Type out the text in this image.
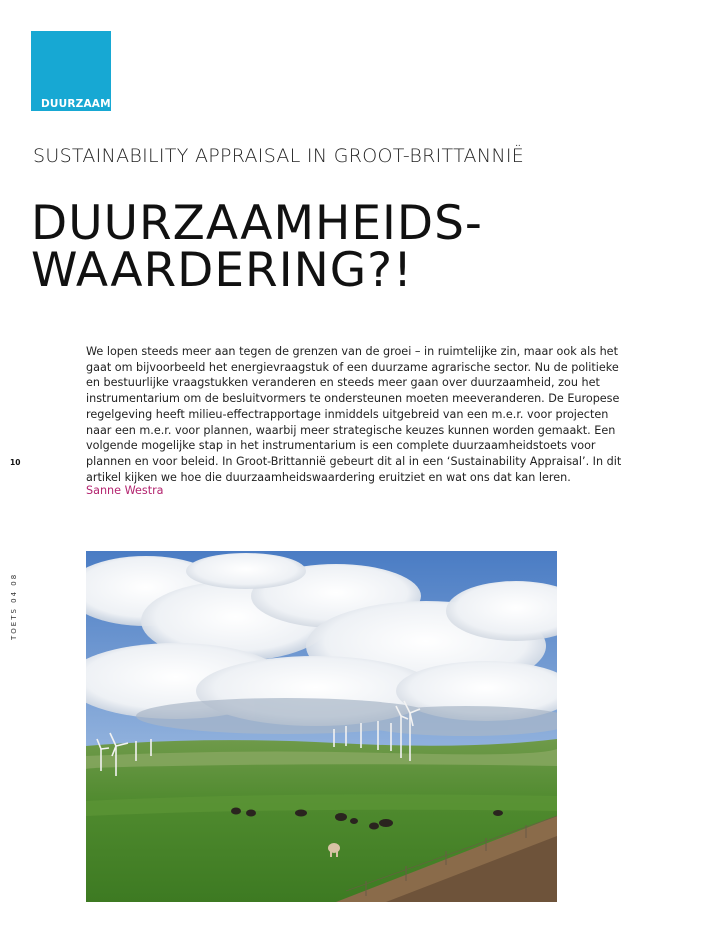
DUURZAAM
SUSTAINABILITY APPRAISAL IN GROOT-BRITTANNIË
DUURZAAMHEIDS-
WAARDERING?!
10
TOETS 04 08

We lopen steeds meer aan tegen de grenzen van de groei – in ruimtelijke zin, maar ook als het gaat om bijvoorbeeld het energievraagstuk of een duurzame agrarische sector. Nu de politieke en bestuurlijke vraagstukken veranderen en steeds meer gaan over duurzaamheid, zou het instrumentarium om de besluitvormers te ondersteunen moeten meeveranderen. De Europese regelgeving heeft milieu-effectrapportage inmiddels uitgebreid van een m.e.r. voor projecten naar een m.e.r. voor plannen, waarbij meer strategische keuzes kunnen worden gemaakt. Een volgende mogelijke stap in het instrumentarium is een complete duurzaamheidstoets voor plannen en voor beleid. In Groot-Brittannië gebeurt dit al in een ‘Sustainability Appraisal’. In dit artikel kijken we hoe die duurzaamheidswaardering eruitziet en wat ons dat kan leren.

Sanne Westra
